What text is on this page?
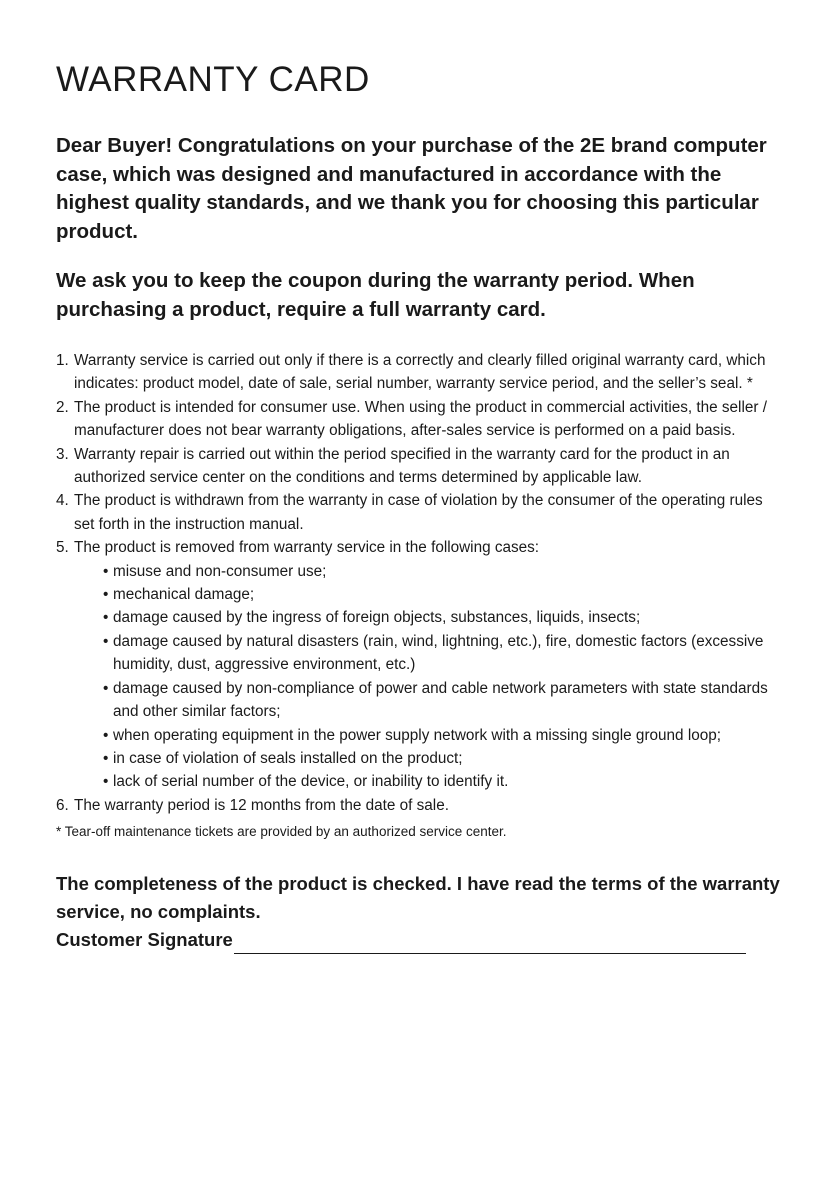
WARRANTY CARD

Dear Buyer! Congratulations on your purchase of the 2E brand computer case, which was designed and manufactured in accordance with the highest quality standards, and we thank you for choosing this particular product.

We ask you to keep the coupon during the warranty period. When purchasing a product, require a full warranty card.

1. Warranty service is carried out only if there is a correctly and clearly filled original warranty card, which indicates: product model, date of sale, serial number, warranty service period, and the seller’s seal. *
2. The product is intended for consumer use. When using the product in commercial activities, the seller / manufacturer does not bear warranty obligations, after-sales service is performed on a paid basis.
3. Warranty repair is carried out within the period specified in the warranty card for the product in an authorized service center on the conditions and terms determined by applicable law.
4. The product is withdrawn from the warranty in case of violation by the consumer of the operating rules set forth in the instruction manual.
5. The product is removed from warranty service in the following cases:
• misuse and non-consumer use;
• mechanical damage;
• damage caused by the ingress of foreign objects, substances, liquids, insects;
• damage caused by natural disasters (rain, wind, lightning, etc.), fire, domestic factors (excessive humidity, dust, aggressive environment, etc.)
• damage caused by non-compliance of power and cable network parameters with state standards and other similar factors;
• when operating equipment in the power supply network with a missing single ground loop;
• in case of violation of seals installed on the product;
• lack of serial number of the device, or inability to identify it.
6. The warranty period is 12 months from the date of sale.

* Tear-off maintenance tickets are provided by an authorized service center.

The completeness of the product is checked. I have read the terms of the warranty service, no complaints.
Customer Signature
